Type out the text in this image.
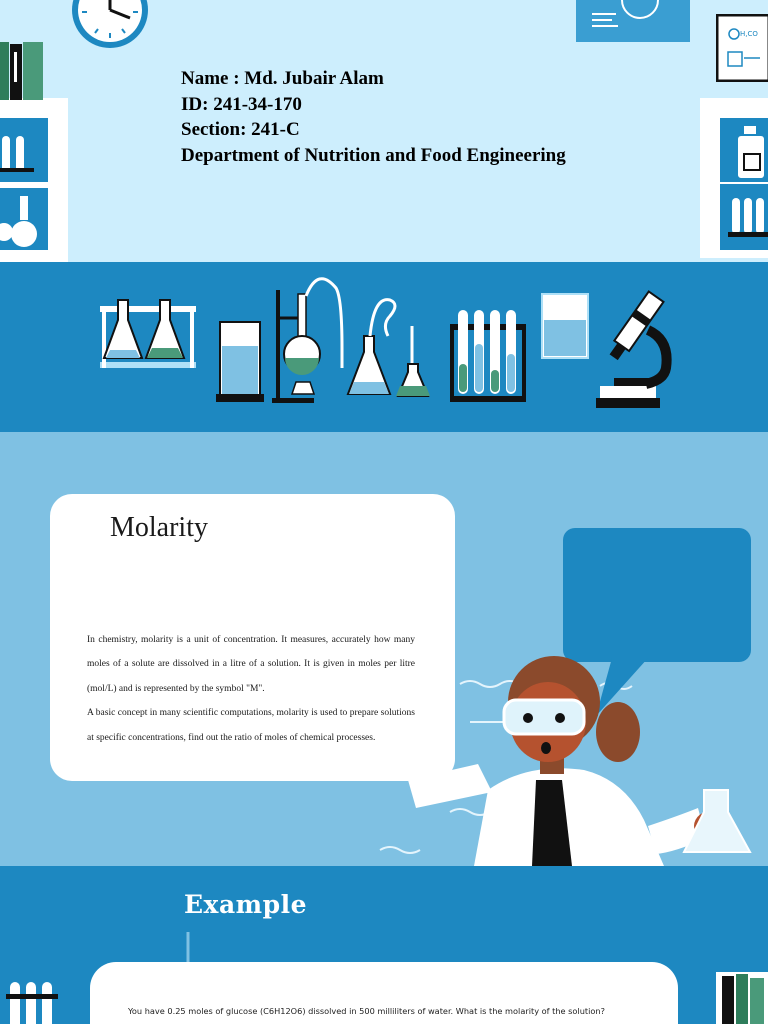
H,CO
Name : Md. Jubair Alam
ID: 241-34-170
Section: 241-C
Department of Nutrition and Food Engineering
Molarity

In chemistry, molarity is a unit of concentration. It measures, accurately how many moles of a solute are dissolved in a litre of a solution. It is given in moles per litre (mol/L) and is represented by the symbol "M".

A basic concept in many scientific computations, molarity is used to prepare solutions at specific concentrations, find out the ratio of moles of chemical processes.

Example
You have 0.25 moles of glucose (C6H12O6) dissolved in 500 milliliters of water. What is the molarity of the solution?
